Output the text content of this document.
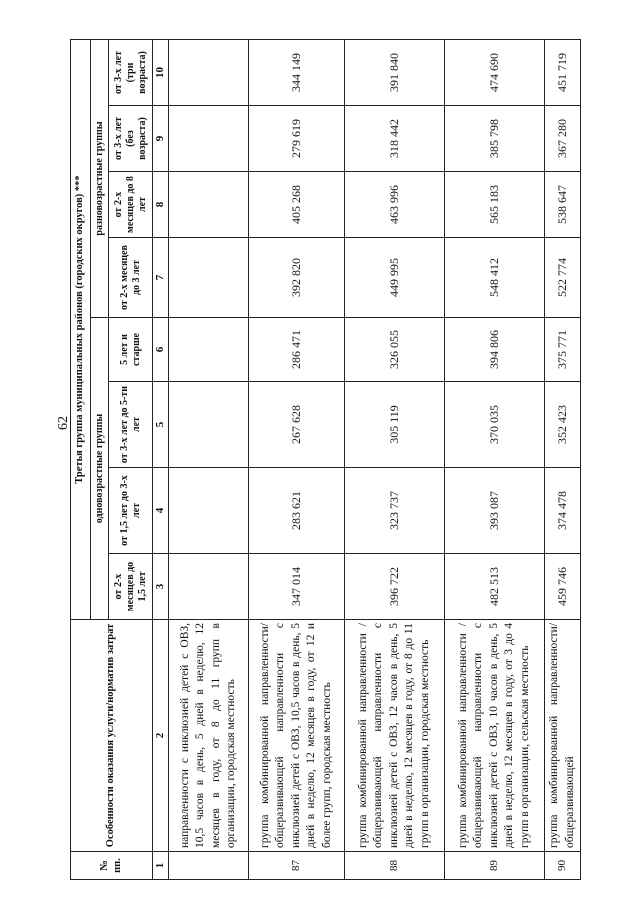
62
№ пп.	Особенности оказания услуги/норматив затрат	Третья группа муниципальных районов (городских округов) ***							
		одновозрастные группы				разновозрастные группы			
		от 2-х месяцев до 1,5 лет	от 1,5 лет до 3-х лет	от 3-х лет до 5-ти лет	5 лет и старше	от 2-х месяцев до 3 лет	от 2-х месяцев до 8 лет	от 3-х лет (без возраста)	от 3-х лет (три возраста)
1	2	3	4	5	6	7	8	9	10
	направленности с инклюзией детей с ОВЗ, 10,5 часов в день, 5 дней в неделю, 12 месяцев в году, от 8 до 11 групп в организации, городская местность								
87	группа комбинированной направленности/ общеразвивающей направленности с инклюзией детей с ОВЗ, 10,5 часов в день, 5 дней в неделю, 12 месяцев в году, от 12 и более групп, городская местность	347 014	283 621	267 628	286 471	392 820	405 268	279 619	344 149
88	группа комбинированной направленности / общеразвивающей направленности с инклюзией детей с ОВЗ, 12 часов в день, 5 дней в неделю, 12 месяцев в году, от 8 до 11 групп в организации, городская местность	396 722	323 737	305 119	326 055	449 995	463 996	318 442	391 840
89	группа комбинированной направленности / общеразвивающей направленности с инклюзией детей с ОВЗ, 10 часов в день, 5 дней в неделю, 12 месяцев в году, от 3 до 4 групп в организации, сельская местность	482 513	393 087	370 035	394 806	548 412	565 183	385 798	474 690
90	группа комбинированной направленности/ общеразвивающей	459 746	374 478	352 423	375 771	522 774	538 647	367 280	451 719
